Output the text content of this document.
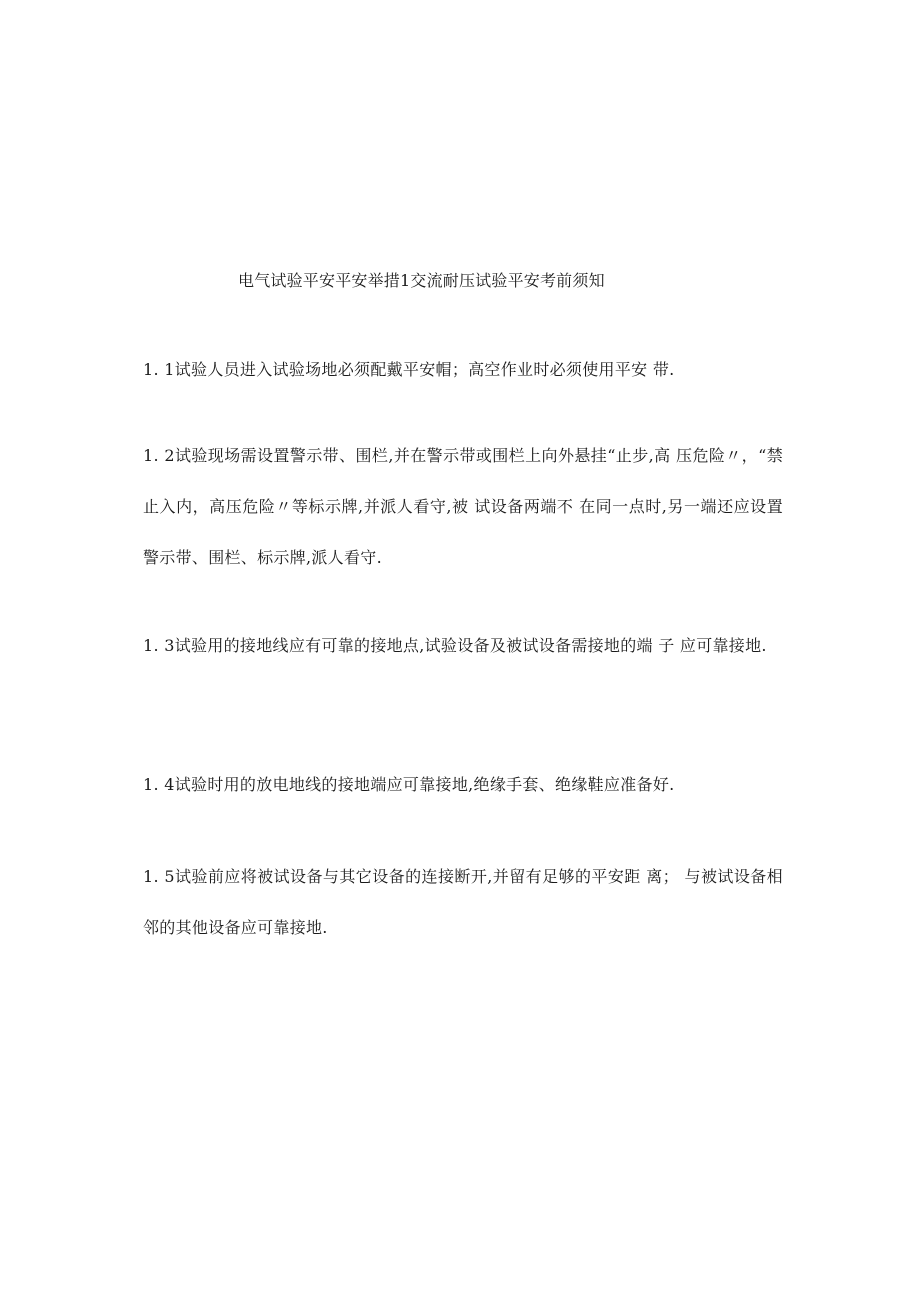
电气试验平安平安举措1交流耐压试验平安考前须知
1. 1试验人员进入试验场地必须配戴平安帽；高空作业时必须使用平安 带.
1. 2试验现场需设置警示带、围栏,并在警示带或围栏上向外悬挂“止步,高 压危险〃，“禁止入内，高压危险〃等标示牌,并派人看守,被 试设备两端不 在同一点时,另一端还应设置警示带、围栏、标示牌,派人看守.
1. 3试验用的接地线应有可靠的接地点,试验设备及被试设备需接地的端 子 应可靠接地.
1. 4试验时用的放电地线的接地端应可靠接地,绝缘手套、绝缘鞋应准备好.
1. 5试验前应将被试设备与其它设备的连接断开,并留有足够的平安距 离； 与被试设备相邻的其他设备应可靠接地.
